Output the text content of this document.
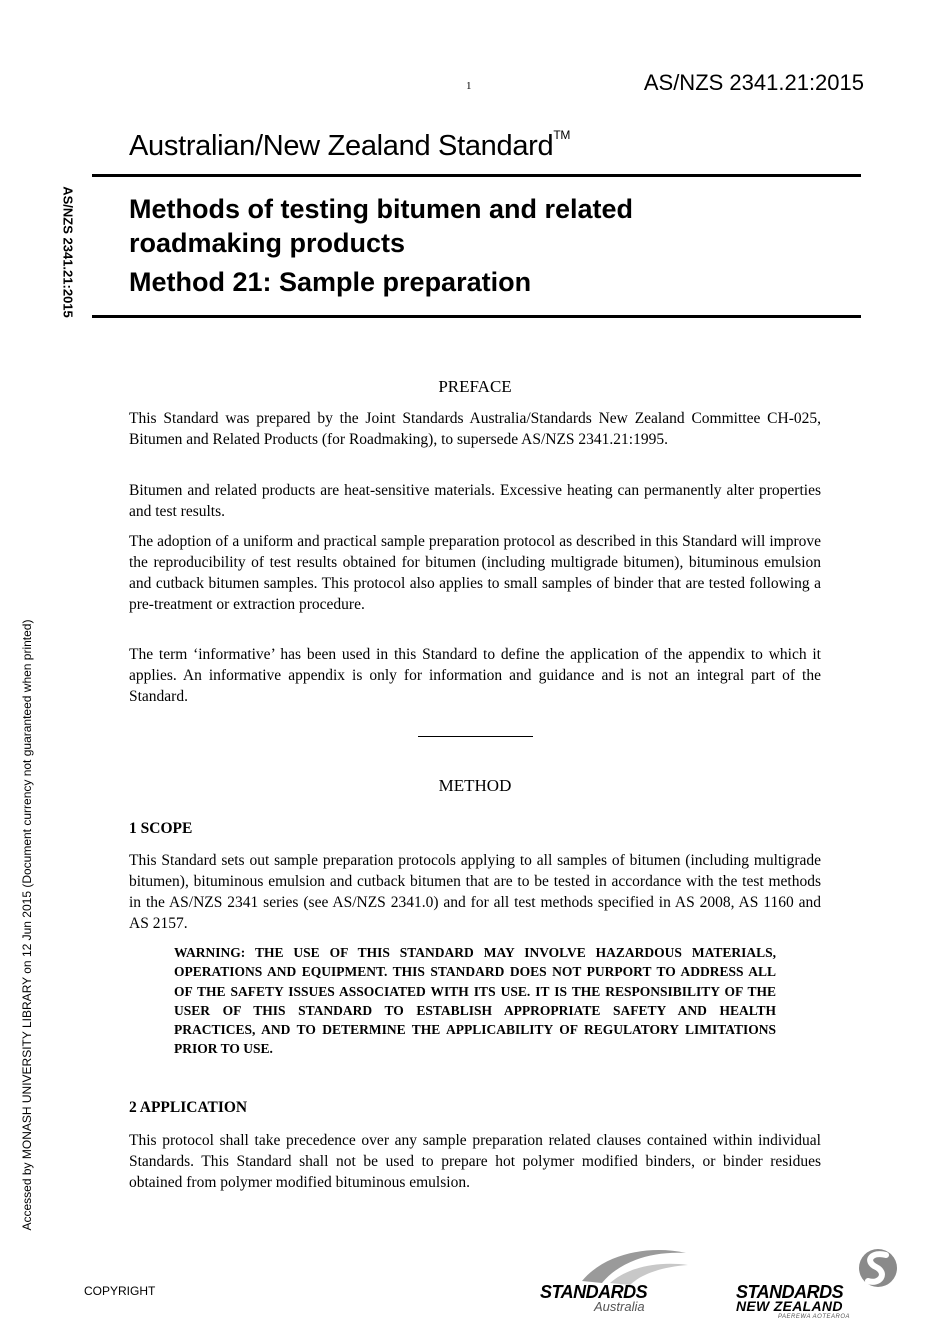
1	AS/NZS 2341.21:2015
Australian/New Zealand Standard™
Methods of testing bitumen and related
roadmaking products
Method 21: Sample preparation
AS/NZS 2341.21:2015
Accessed by MONASH UNIVERSITY LIBRARY on 12 Jun 2015 (Document currency not guaranteed when printed)
PREFACE
This Standard was prepared by the Joint Standards Australia/Standards New Zealand Committee CH-025, Bitumen and Related Products (for Roadmaking), to supersede AS/NZS 2341.21:1995.
Bitumen and related products are heat-sensitive materials. Excessive heating can permanently alter properties and test results.
The adoption of a uniform and practical sample preparation protocol as described in this Standard will improve the reproducibility of test results obtained for bitumen (including multigrade bitumen), bituminous emulsion and cutback bitumen samples. This protocol also applies to small samples of binder that are tested following a pre-treatment or extraction procedure.
The term ‘informative’ has been used in this Standard to define the application of the appendix to which it applies. An informative appendix is only for information and guidance and is not an integral part of the Standard.
METHOD
1 SCOPE
This Standard sets out sample preparation protocols applying to all samples of bitumen (including multigrade bitumen), bituminous emulsion and cutback bitumen that are to be tested in accordance with the test methods in the AS/NZS 2341 series (see AS/NZS 2341.0) and for all test methods specified in AS 2008, AS 1160 and AS 2157.
WARNING: THE USE OF THIS STANDARD MAY INVOLVE HAZARDOUS MATERIALS, OPERATIONS AND EQUIPMENT. THIS STANDARD DOES NOT PURPORT TO ADDRESS ALL OF THE SAFETY ISSUES ASSOCIATED WITH ITS USE. IT IS THE RESPONSIBILITY OF THE USER OF THIS STANDARD TO ESTABLISH APPROPRIATE SAFETY AND HEALTH PRACTICES, AND TO DETERMINE THE APPLICABILITY OF REGULATORY LIMITATIONS PRIOR TO USE.
2 APPLICATION
This protocol shall take precedence over any sample preparation related clauses contained within individual Standards. This Standard shall not be used to prepare hot polymer modified binders, or binder residues obtained from polymer modified bituminous emulsion.
COPYRIGHT	STANDARDS
Australia
STANDARDS
NEW ZEALAND
PAEREWA AOTEAROA
